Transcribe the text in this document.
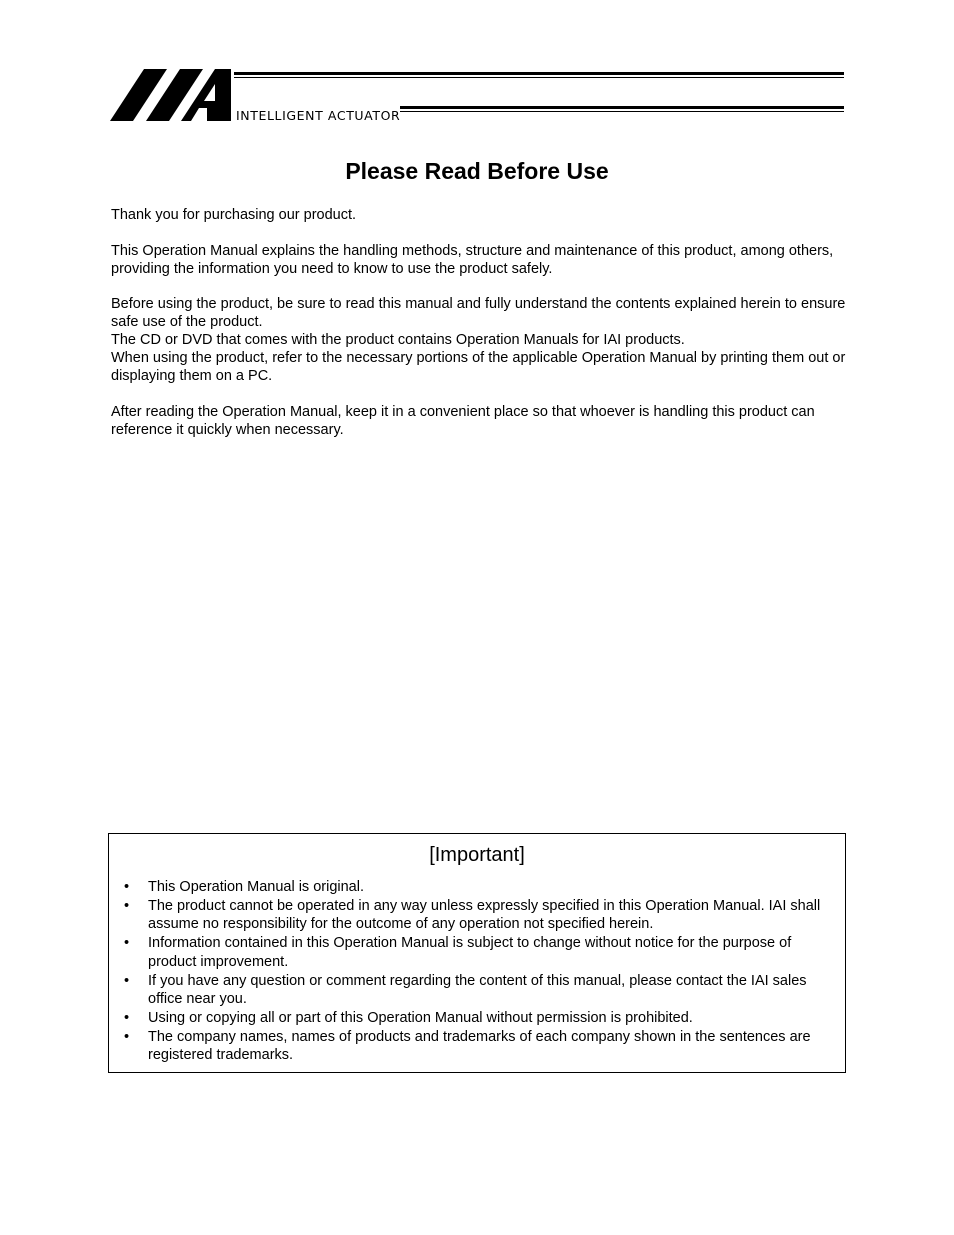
INTELLIGENT ACTUATOR
Please Read Before Use

Thank you for purchasing our product.

This Operation Manual explains the handling methods, structure and maintenance of this product, among others, providing the information you need to know to use the product safely.

Before using the product, be sure to read this manual and fully understand the contents explained herein to ensure safe use of the product.

The CD or DVD that comes with the product contains Operation Manuals for IAI products.

When using the product, refer to the necessary portions of the applicable Operation Manual by printing them out or displaying them on a PC.

After reading the Operation Manual, keep it in a convenient place so that whoever is handling this product can reference it quickly when necessary.

[Important]
• This Operation Manual is original.
• The product cannot be operated in any way unless expressly specified in this Operation Manual. IAI shall assume no responsibility for the outcome of any operation not specified herein.
• Information contained in this Operation Manual is subject to change without notice for the purpose of product improvement.
• If you have any question or comment regarding the content of this manual, please contact the IAI sales office near you.
• Using or copying all or part of this Operation Manual without permission is prohibited.
• The company names, names of products and trademarks of each company shown in the sentences are registered trademarks.
